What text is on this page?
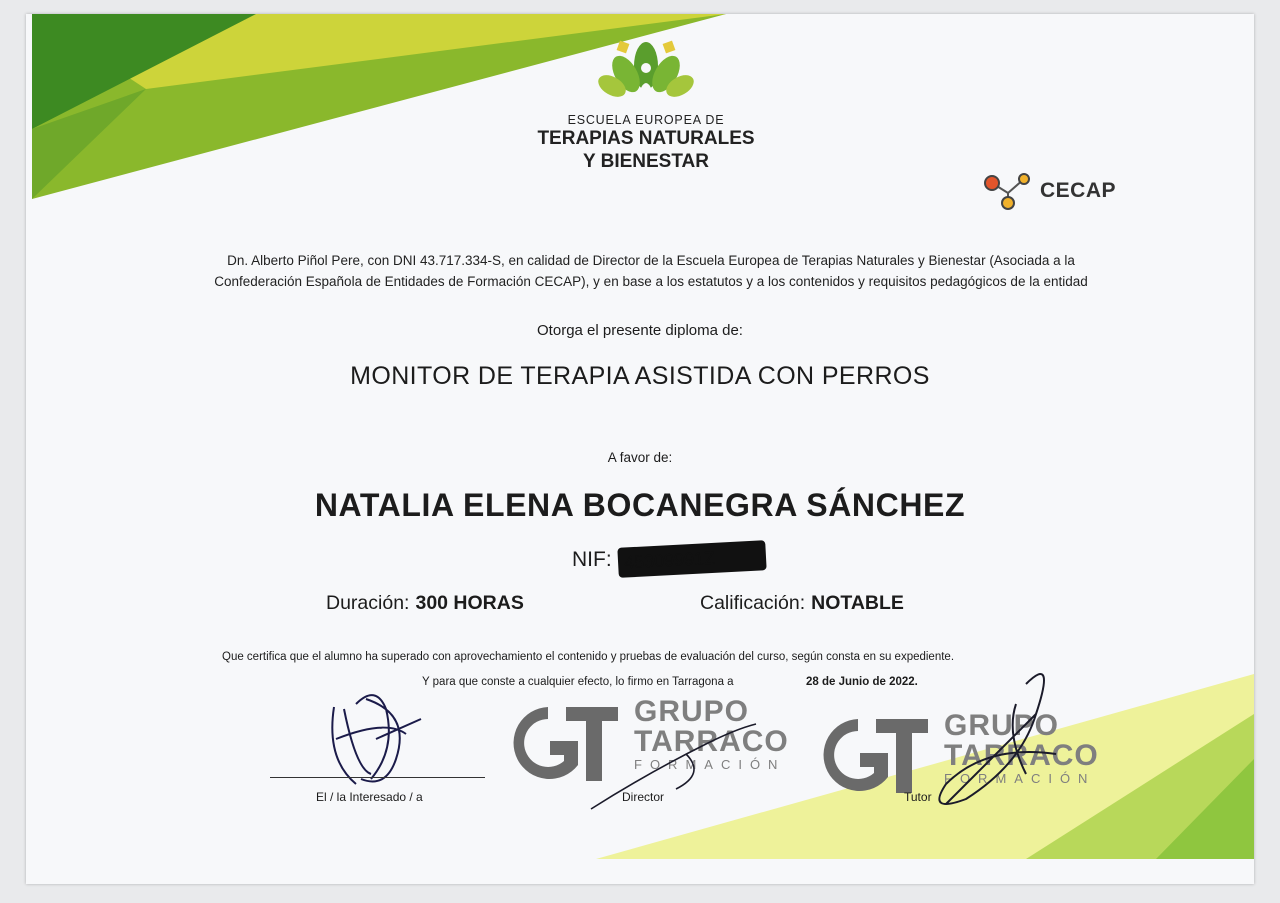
ESCUELA EUROPEA DE
TERAPIAS NATURALES
Y BIENESTAR
CECAP
Dn. Alberto Piñol Pere, con DNI 43.717.334-S, en calidad de Director de la Escuela Europea de Terapias Naturales y Bienestar (Asociada a la
Confederación Española de Entidades de Formación CECAP), y en base a los estatutos y a los contenidos y requisitos pedagógicos de la entidad
Otorga el presente diploma de:
MONITOR DE TERAPIA ASISTIDA CON PERROS
A favor de:
NATALIA ELENA BOCANEGRA SÁNCHEZ
NIF: 45309991Z
Duración: 300 HORAS	Calificación: NOTABLE
Que certifica que el alumno ha superado con aprovechamiento el contenido y pruebas de evaluación del curso, según consta en su expediente.
Y para que conste a cualquier efecto, lo firmo en Tarragona a	28 de Junio de 2022.
El / la Interesado / a
GRUPO
TARRACO
FORMACIÓN
Director
GRUPO
TARRACO
FORMACIÓN
Tutor
